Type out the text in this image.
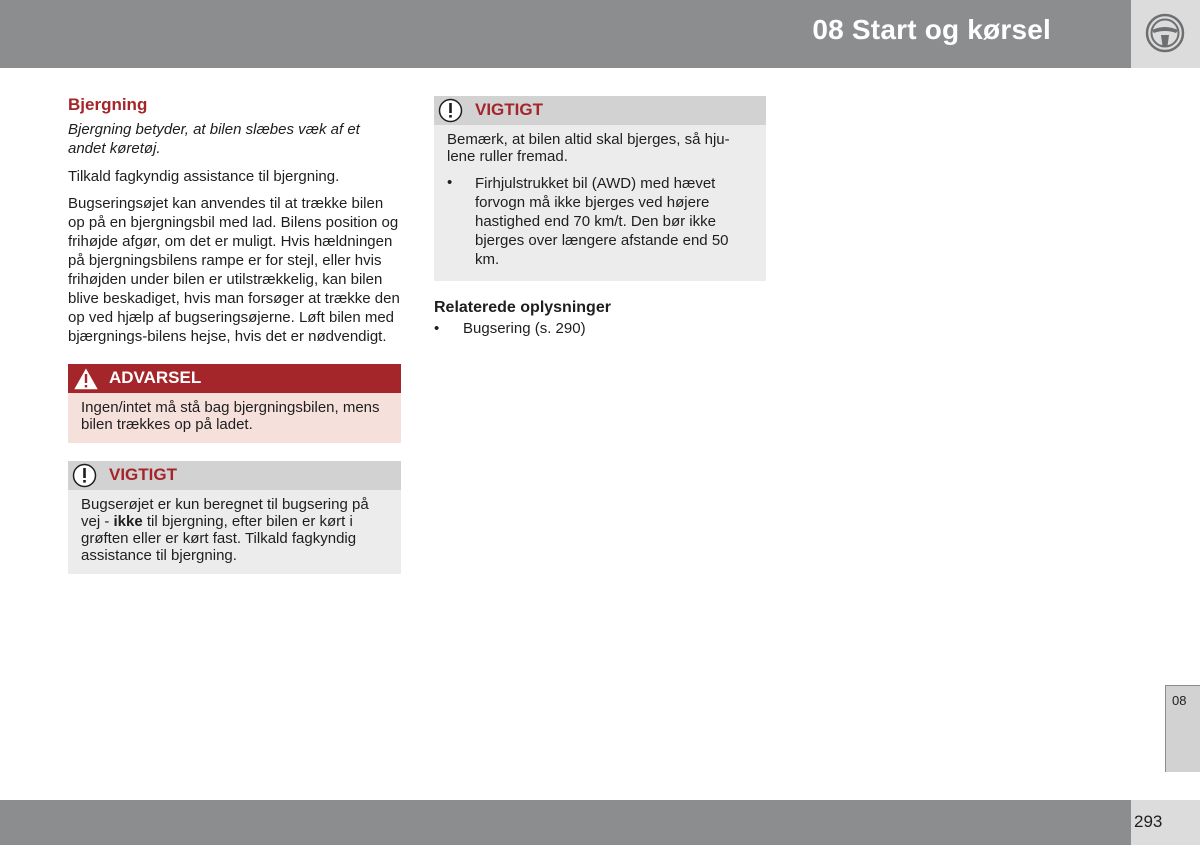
08 Start og kørsel
Bjergning

Bjergning betyder, at bilen slæbes væk af et andet køretøj.

Tilkald fagkyndig assistance til bjergning.

Bugseringsøjet kan anvendes til at trække bilen op på en bjergningsbil med lad. Bilens position og frihøjde afgør, om det er muligt. Hvis hældningen på bjergningsbilens rampe er for stejl, eller hvis frihøjden under bilen er utilstrækkelig, kan bilen blive beskadiget, hvis man forsøger at trække den op ved hjælp af bugseringsøjerne. Løft bilen med bjærgnings-bilens hejse, hvis det er nødvendigt.

ADVARSEL
Ingen/intet må stå bag bjergningsbilen, mens bilen trækkes op på ladet.
VIGTIGT
Bugserøjet er kun beregnet til bugsering på vej - ikke til bjergning, efter bilen er kørt i grøften eller er kørt fast. Tilkald fagkyndig assistance til bjergning.
VIGTIGT
Bemærk, at bilen altid skal bjerges, så hju-lene ruller fremad.
•	Firhjulstrukket bil (AWD) med hævet forvogn må ikke bjerges ved højere hastighed end 70 km/t. Den bør ikke bjerges over længere afstande end 50 km.
Relaterede oplysninger
•	Bugsering (s. 290)
08
293
